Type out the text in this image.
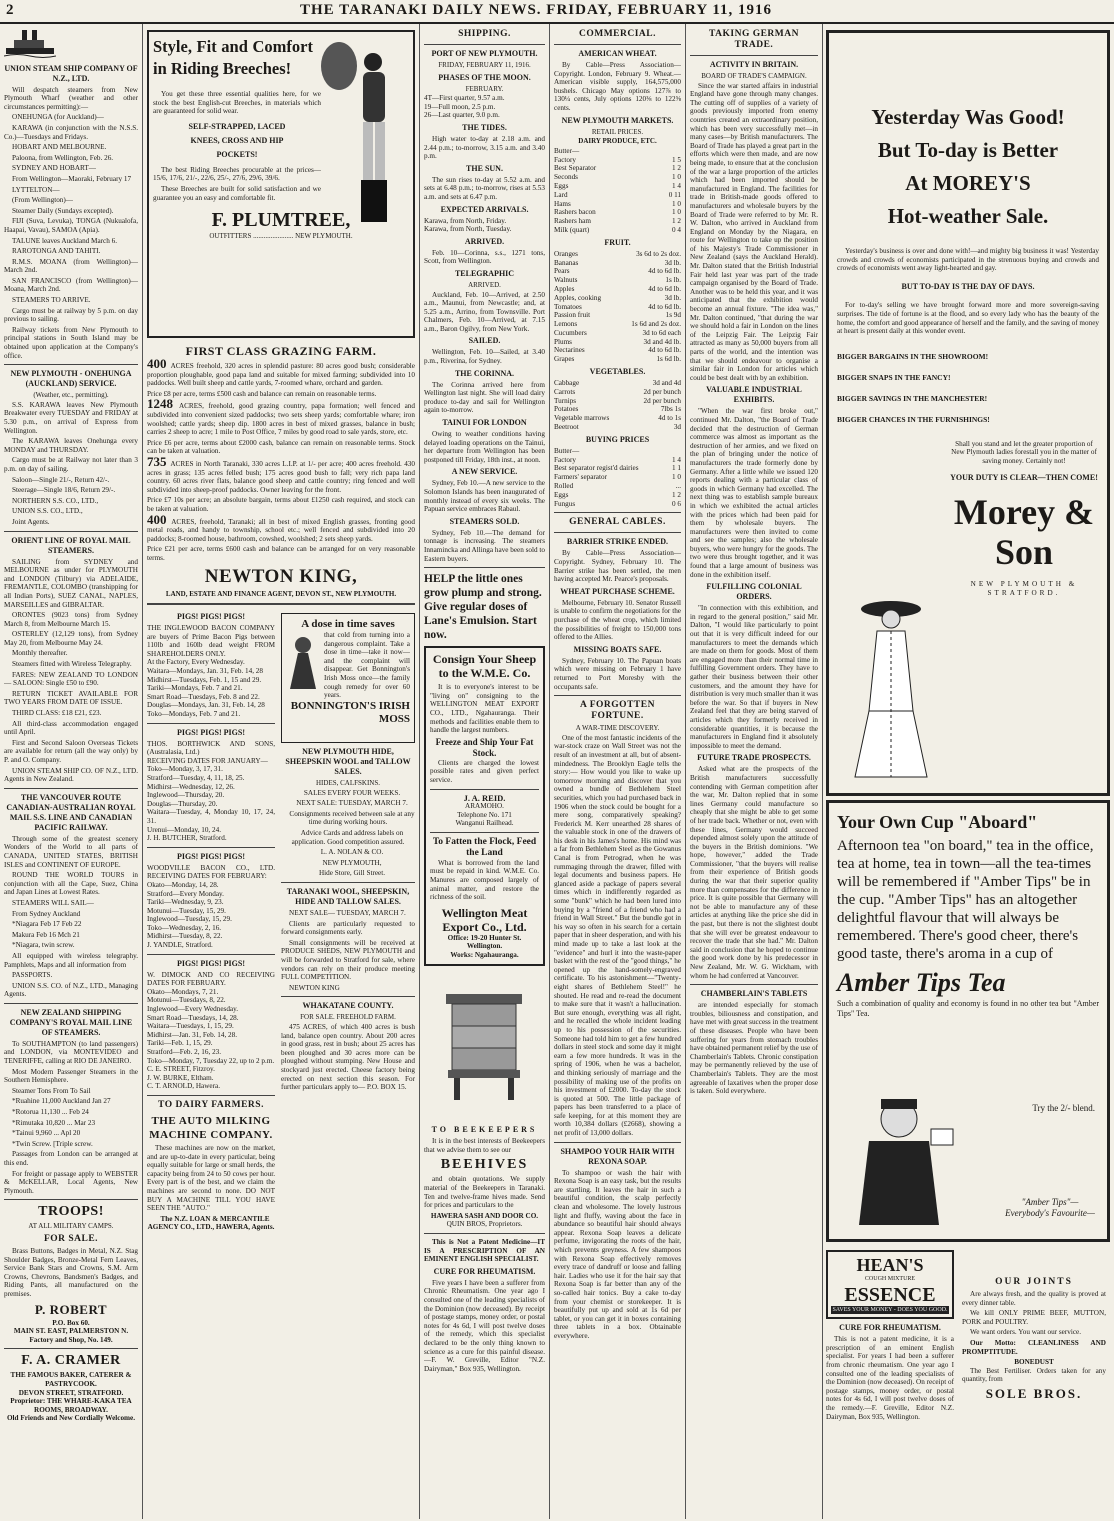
2	THE TARANAKI DAILY NEWS. FRIDAY, FEBRUARY 11, 1916
UNION STEAM SHIP COMPANY OF N.Z., LTD.
Will despatch steamers from New Plymouth Wharf (weather and other circumstances permitting):—
ONEHUNGA (for Auckland)—
KARAWA (in conjunction with the N.S.S. Co.)—Tuesdays and Fridays.
HOBART AND MELBOURNE.
Paloona, from Wellington, Feb. 26.
SYDNEY AND HOBART—
From Wellington—Maoraki, February 17
LYTTELTON—
(From Wellington)—
Steamer Daily (Sundays excepted).
FIJI (Suva, Levuka), TONGA (Nukualofa, Haapai, Vavau), SAMOA (Apia).
TALUNE leaves Auckland March 6.
RAROTONGA AND TAHITI.
R.M.S. MOANA (from Wellington)—March 2nd.
SAN FRANCISCO (from Wellington)—Moana, March 2nd.
STEAMERS TO ARRIVE.
Cargo must be at railway by 5 p.m. on day previous to sailing.
Railway tickets from New Plymouth to principal stations in South Island may be obtained upon application at the Company's office.
NEW PLYMOUTH - ONEHUNGA (AUCKLAND) SERVICE.
(Weather, etc., permitting).
S.S. KARAWA leaves New Plymouth Breakwater every TUESDAY and FRIDAY at 5.30 p.m., on arrival of Express from Wellington.
The KARAWA leaves Onehunga every MONDAY and THURSDAY.
Cargo must be at Railway not later than 3 p.m. on day of sailing.
Saloon—Single 21/-, Return 42/-.
Steerage—Single 18/6, Return 29/-.
NORTHERN S.S. CO., LTD.,
UNION S.S. CO., LTD.,
Joint Agents.
ORIENT LINE OF ROYAL MAIL STEAMERS.
SAILING from SYDNEY and MELBOURNE as under for PLYMOUTH and LONDON (Tilbury) via ADELAIDE, FREMANTLE, COLOMBO (transhipping for all Indian Ports), SUEZ CANAL, NAPLES, MARSEILLES and GIBRALTAR.
ORONTES (9023 tons) from Sydney March 8, from Melbourne March 15.
OSTERLEY (12,129 tons), from Sydney May 20, from Melbourne May 24.
Monthly thereafter.
Steamers fitted with Wireless Telegraphy.
FARES: NEW ZEALAND TO LONDON — SALOON: Single £50 to £90.
RETURN TICKET AVAILABLE FOR TWO YEARS FROM DATE OF ISSUE.
THIRD CLASS: £18 £21, £23.
All third-class accommodation engaged until April.
First and Second Saloon Overseas Tickets are available for return (all the way only) by P. and O. Company.
UNION STEAM SHIP CO. OF N.Z., LTD. Agents in New Zealand.
THE VANCOUVER ROUTE CANADIAN-AUSTRALIAN ROYAL MAIL S.S. LINE AND CANADIAN PACIFIC RAILWAY.
Through some of the greatest scenery Wonders of the World to all parts of CANADA, UNITED STATES, BRITISH ISLES and CONTINENT OF EUROPE.
ROUND THE WORLD TOURS in conjunction with all the Cape, Suez, China and Japan Lines at Lowest Rates.
STEAMERS WILL SAIL—
From Sydney Auckland
*Niagara Feb 17 Feb 22
Makura Feb 16 Mch 21
*Niagara, twin screw.
All equipped with wireless telegraphy. Pamphlets, Maps and all information from
PASSPORTS.
UNION S.S. CO. of N.Z., LTD., Managing Agents.
NEW ZEALAND SHIPPING COMPANY'S ROYAL MAIL LINE OF STEAMERS.
To SOUTHAMPTON (to land passengers) and LONDON, via MONTEVIDEO and TENERIFFE, calling at RIO DE JANEIRO.
Most Modern Passenger Steamers in the Southern Hemisphere.
Steamer Tons From To Sail
*Ruahine 11,000 Auckland Jan 27
*Rotorua 11,130 ... Feb 24
*Rimutaka 10,820 ... Mar 23
*Tainui 9,960 ... Apl 20
*Twin Screw. [Triple screw.
Passages from London can be arranged at this end.
For freight or passage apply to WEBSTER & McKELLAR, Local Agents, New Plymouth.
TROOPS!
AT ALL MILITARY CAMPS.
FOR SALE.
Brass Buttons, Badges in Metal, N.Z. Stag Shoulder Badges, Bronze-Metal Fern Leaves, Service Bank Stars and Crowns, S.M. Arm Crowns, Chevrons, Bandsmen's Badges, and Riding Pants, all manufactured on the premises.
P. ROBERT
P.O. Box 60.
MAIN ST. EAST, PALMERSTON N.
Factory and Shop, No. 149.
F. A. CRAMER
THE FAMOUS BAKER, CATERER & PASTRYCOOK.
DEVON STREET, STRATFORD.
Proprietor: THE WHARE-KAKA TEA ROOMS, BROADWAY.
Old Friends and New Cordially Welcome.
Style, Fit and Comfort in Riding Breeches!
You get these three essential qualities here, for we stock the best English-cut Breeches, in materials which are guaranteed for solid wear.
SELF-STRAPPED, LACED
KNEES, CROSS AND HIP
POCKETS!
The best Riding Breeches procurable at the prices—15/6, 17/6, 21/-, 22/6, 25/-, 27/6, 29/6, 39/6.
These Breeches are built for solid satisfaction and we guarantee you an easy and comfortable fit.
F. PLUMTREE,
OUTFITTERS ....................... NEW PLYMOUTH.
FIRST CLASS GRAZING FARM.
400 ACRES freehold, 320 acres in splendid pasture: 80 acres good bush; considerable proportion ploughable, good papa land and suitable for mixed farming; subdivided into 10 paddocks. Well built sheep and cattle yards, 7-roomed whare, orchard and garden.
Price £8 per acre, terms £500 cash and balance can remain on reasonable terms.
1248 ACRES, freehold, good grazing country, papa formation; well fenced and subdivided into convenient sized paddocks; two sets sheep yards; comfortable whare; iron woolshed; cattle yards; sheep dip. 1800 acres in best of mixed grasses, balance in bush; carries 2 sheep to acre; 1 mile to Post Office, 7 miles by good road to sale yards, store, etc.
Price £6 per acre, terms about £2000 cash, balance can remain on reasonable terms. Stock can be taken at valuation.
735 ACRES in North Taranaki, 330 acres L.I.P. at 1/- per acre; 400 acres freehold. 430 acres in grass; 135 acres felled bush; 175 acres good bush to fall; very rich papa land country. 60 acres river flats, balance good sheep and cattle country; ring fenced and well subdivided into sheep-proof paddocks. Owner leaving for the front.
Price £7 10s per acre; an absolute bargain, terms about £1250 cash required, and stock can be taken at valuation.
400 ACRES, freehold, Taranaki; all in best of mixed English grasses, fronting good metal roads, and handy to township, school etc.; well fenced and subdivided into 20 paddocks; 8-roomed house, bathroom, cowshed, woolshed; 2 sets sheep yards.
Price £21 per acre, terms £600 cash and balance can be arranged for on very reasonable terms.
NEWTON KING,
LAND, ESTATE AND FINANCE AGENT, DEVON ST., NEW PLYMOUTH.
PIGS! PIGS! PIGS!
THE INGLEWOOD BACON COMPANY are buyers of Prime Bacon Pigs between 110lb and 160lb dead weight FROM SHAREHOLDERS ONLY.
At the Factory, Every Wednesday.
Waitara—Mondays, Jan. 31, Feb. 14, 28
Midhirst—Tuesdays, Feb. 1, 15 and 29.
Tariki—Mondays, Feb. 7 and 21.
Smart Road—Tuesdays, Feb. 8 and 22.
Douglas—Mondays, Jan. 31, Feb. 14, 28
Toko—Mondays, Feb. 7 and 21.
PIGS! PIGS! PIGS!
THOS. BORTHWICK AND SONS, (Australasia, Ltd.)
RECEIVING DATES FOR JANUARY—
Toko—Monday, 3, 17, 31.
Stratford—Tuesday, 4, 11, 18, 25.
Midhirst—Wednesday, 12, 26.
Inglewood—Thursday, 20.
Douglas—Thursday, 20.
Waitara—Tuesday, 4, Monday 10, 17, 24, 31.
Urenui—Monday, 10, 24.
J. H. BUTCHER, Stratford.
PIGS! PIGS! PIGS!
WOODVILLE BACON CO., LTD. RECEIVING DATES FOR FEBRUARY:
Okato—Monday, 14, 28.
Stratford—Every Monday.
Tariki—Wednesday, 9, 23.
Motunui—Tuesday, 15, 29.
Inglewood—Tuesday, 15, 29.
Toko—Wednesday, 2, 16.
Midhirst—Tuesday, 8, 22.
J. YANDLE, Stratford.
PIGS! PIGS! PIGS!
W. DIMOCK AND CO RECEIVING DATES FOR FEBRUARY.
Okato—Mondays, 7, 21.
Motunui—Tuesdays, 8, 22.
Inglewood—Every Wednesday.
Smart Road—Tuesdays, 14, 28.
Waitara—Tuesdays, 1, 15, 29.
Midhirst—Jan. 31, Feb. 14, 28.
Tariki—Feb. 1, 15, 29.
Stratford—Feb. 2, 16, 23.
Toko—Monday, 7, Tuesday 22, up to 2 p.m.
C. E. STREET, Fitzroy.
J. W. BURKE, Eltham.
C. T. ARNOLD, Hawera.
TO DAIRY FARMERS.
THE AUTO MILKING MACHINE COMPANY.
These machines are now on the market, and are up-to-date in every particular, being equally suitable for large or small herds, the capacity being from 24 to 50 cows per hour. Every part is of the best, and we claim the machines are second to none. DO NOT BUY A MACHINE TILL YOU HAVE SEEN THE "AUTO."
The N.Z. LOAN & MERCANTILE AGENCY CO., LTD., HAWERA, Agents.
A dose in time saves
that cold from turning into a dangerous complaint. Take a dose in time—take it now—and the complaint will disappear. Get Bonnington's Irish Moss once—the family cough remedy for over 60 years.
BONNINGTON'S IRISH MOSS
NEW PLYMOUTH HIDE, SHEEPSKIN WOOL and TALLOW SALES.
HIDES, CALFSKINS.
SALES EVERY FOUR WEEKS.
NEXT SALE: TUESDAY, MARCH 7.
Consignments received between sale at any time during working hours.
Advice Cards and address labels on application. Good competition assured.
L. A. NOLAN & CO.
NEW PLYMOUTH,
Hide Store, Gill Street.
TARANAKI WOOL, SHEEPSKIN, HIDE AND TALLOW SALES.
NEXT SALE— TUESDAY, MARCH 7.
Clients are particularly requested to forward consignments early.
Small consignments will be received at PRODUCE SHEDS, NEW PLYMOUTH and will be forwarded to Stratford for sale, where vendors can rely on their produce meeting FULL COMPETITION.
NEWTON KING
WHAKATANE COUNTY.
FOR SALE. FREEHOLD FARM.
475 ACRES, of which 400 acres is bush land, balance open country. About 200 acres in good grass, rest in bush; about 25 acres has been ploughed and 30 acres more can be ploughed without stumping. New House and stockyard just erected. Cheese factory being erected on next section this season. For further particulars apply to— P.O. BOX 15.
SHIPPING.
PORT OF NEW PLYMOUTH.
FRIDAY, FEBRUARY 11, 1916.
PHASES OF THE MOON.
FEBRUARY.
4T—First quarter, 9.57 a.m.
19—Full moon, 2.5 p.m.
26—Last quarter, 9.0 p.m.
THE TIDES.
High water to-day at 2.18 a.m. and 2.44 p.m.; to-morrow, 3.15 a.m. and 3.40 p.m.
THE SUN.
The sun rises to-day at 5.52 a.m. and sets at 6.48 p.m.; to-morrow, rises at 5.53 a.m. and sets at 6.47 p.m.
EXPECTED ARRIVALS.
Karawa, from North, Friday.
Karawa, from North, Tuesday.
ARRIVED.
Feb. 10—Corinna, s.s., 1271 tons, Scott, from Wellington.
TELEGRAPHIC
ARRIVED.
Auckland, Feb. 10—Arrived, at 2.50 a.m., Maunui, from Newcastle; and, at 5.25 a.m., Arrino, from Townsville. Port Chalmers, Feb. 10—Arrived, at 7.15 a.m., Baron Ogilvy, from New York.
SAILED.
Wellington, Feb. 10—Sailed, at 3.40 p.m., Riverina, for Sydney.
THE CORINNA.
The Corinna arrived here from Wellington last night. She will load dairy produce to-day and sail for Wellington again to-morrow.
TAINUI FOR LONDON
Owing to weather conditions having delayed loading operations on the Tainui, her departure from Wellington has been postponed till Friday, 18th inst., at noon.
A NEW SERVICE.
Sydney, Feb 10.—A new service to the Solomon Islands has been inaugurated of monthly instead of every six weeks. The Papuan service embraces Rabaul.
STEAMERS SOLD.
Sydney, Feb 10.—The demand for tonnage is increasing. The steamers Innamincka and Allinga have been sold to Eastern buyers.
HELP the little ones grow plump and strong. Give regular doses of Lane's Emulsion. Start now.
Consign Your Sheep to the W.M.E. Co.
It is to everyone's interest to be "living on" consigning to the WELLINGTON MEAT EXPORT CO., LTD., Ngahauranga. Their methods and facilities enable them to handle the largest numbers.
Freeze and Ship Your Fat Stock.
Clients are charged the lowest possible rates and given perfect service.
J. A. REID.
ARAMOHO.
Telephone No. 171
Wanganui Railhead.
To Fatten the Flock, Feed the Land
What is borrowed from the land must be repaid in kind. W.M.E. Co. Manures are composed largely of animal matter, and restore the richness of the soil.
Wellington Meat Export Co., Ltd.
Office: 19-20 Hunter St. Wellington.
Works: Ngahauranga.
TO BEEKEEPERS
It is in the best interests of Beekeepers that we advise them to see our
BEEHIVES
and obtain quotations. We supply material of the Beekeepers in Taranaki. Ten and twelve-frame hives made. Send for prices and particulars to the
HAWERA SASH AND DOOR CO.
QUIN BROS, Proprietors.
This is Not a Patent Medicine—IT IS A PRESCRIPTION OF AN EMINENT ENGLISH SPECIALIST.
CURE FOR RHEUMATISM.
Five years I have been a sufferer from Chronic Rheumatism. One year ago I consulted one of the leading specialists of the Dominion (now deceased). By receipt of postage stamps, money order, or postal notes for 4s 6d, I will post twelve doses of the remedy, which this specialist declared to be the only thing known to science as a cure for this painful disease.—F. W. Greville, Editor "N.Z. Dairyman," Box 935, Wellington.
COMMERCIAL.
AMERICAN WHEAT.
By Cable—Press Association—Copyright. London, February 9. Wheat.—American visible supply, 164,575,000 bushels. Chicago May options 127⅞ to 130¼ cents, July options 120⅜ to 122⅝ cents.
NEW PLYMOUTH MARKETS.
RETAIL PRICES.
DAIRY PRODUCE, ETC.
Butter—
Factory	1 5
Best Separator	1 2
Seconds	1 0
Eggs	1 4
Lard	0 11
Hams	1 0
Rashers bacon	1 0
Rashers ham	1 2
Milk (quart)	0 4
FRUIT.
Oranges	3s 6d to 2s doz.
Bananas	3d lb.
Pears	4d to 6d lb.
Walnuts	1s lb.
Apples	4d to 6d lb.
Apples, cooking	3d lb.
Tomatoes	4d to 6d lb.
Passion fruit	1s 9d
Lemons	1s 6d and 2s doz.
Cucumbers	3d to 6d each
Plums	3d and 4d lb.
Nectarines	4d to 6d lb.
Grapes	1s 6d lb.
VEGETABLES.
Cabbage	3d and 4d
Carrots	2d per bunch
Turnips	2d per bunch
Potatoes	7lbs 1s
Vegetable marrows	4d to 1s
Beetroot	3d
BUYING PRICES
Butter—
Factory	1 4
Best separator regist'd dairies	1 1
Farmers' separator	1 0
Rolled	...
Eggs	1 2
Fungus	0 6
GENERAL CABLES.
BARRIER STRIKE ENDED.
By Cable—Press Association—Copyright. Sydney, February 10. The Barrier strike has been settled, the men having accepted Mr. Pearce's proposals.
WHEAT PURCHASE SCHEME.
Melbourne, February 10. Senator Russell is unable to confirm the negotiations for the purchase of the wheat crop, which limited the possibilities of freight to 150,000 tons offered to the Allies.
MISSING BOATS SAFE.
Sydney, February 10. The Papuan boats which were missing on February 1 have returned to Port Moresby with the occupants safe.
A FORGOTTEN FORTUNE.
A WAR-TIME DISCOVERY.
One of the most fantastic incidents of the war-stock craze on Wall Street was not the result of an investment at all, but of absent-mindedness. The Brooklyn Eagle tells the story:— How would you like to wake up tomorrow morning and discover that you owned a bundle of Bethlehem Steel securities, which you had purchased back in 1906 when the stock could be bought for a mere song, comparatively speaking? Frederick M. Kerr unearthed 28 shares of the valuable stock in one of the drawers of his desk in his James's home. His mind was a far from Bethlehem Steel as the Gowanus Canal is from Petrograd, when he was rummaging through the drawer, filled with legal documents and business papers. He glanced aside a package of papers several times which in indifferently regarded as some "bunk" which he had been lured into buying by a "friend of a friend who had a friend in Wall Street." But the bundle got in his way so often in his search for a certain paper that in sheer desperation, and with his mind made up to take a last look at the "evidence" and hurl it into the waste-paper basket with the rest of the "good things," he opened up the hand-somely-engraved certificate. To his astonishment—"Twenty-eight shares of Bethlehem Steel!" he shouted. He read and re-read the document to make sure that it wasn't a hallucination. But sure enough, everything was all right, and he recalled the whole incident leading up to his possession of the securities. Someone had told him to get a few hundred dollars in steel stock and some day it might earn a few more hundreds. It was in the spring of 1906, when he was a bachelor, and thinking seriously of marriage and the possibility of making use of the profits on his investment of £2000. To-day the stock is quoted at 500. The little package of papers has been transferred to a place of safe keeping, for at this moment they are worth 10,384 dollars (£2668), showing a net profit of 13,000 dollars.
SHAMPOO YOUR HAIR WITH REXONA SOAP.
To shampoo or wash the hair with Rexona Soap is an easy task, but the results are startling. It leaves the hair in such a beautiful condition, the scalp perfectly clean and wholesome. The lovely lustrous light and fluffy, waving about the face in abundance so beautiful hair should always appear. Rexona Soap leaves a delicate perfume, invigorating the roots of the hair, which prevents greyness. A few shampoos with Rexona Soap effectively removes every trace of dandruff or loose and falling hair. Ladies who use it for the hair say that Rexona Soap is far better than any of the so-called hair tonics. Buy a cake to-day from your chemist or storekeeper. It is beautifully put up and sold at 1s 6d per tablet, or you can get it in boxes containing three tablets in a box. Obtainable everywhere.
TAKING GERMAN TRADE.
ACTIVITY IN BRITAIN.
BOARD OF TRADE'S CAMPAIGN.
Since the war started affairs in industrial England have gone through many changes. The cutting off of supplies of a variety of goods previously imported from enemy countries created an extraordinary position, which has been very successfully met—in many cases—by British manufacturers. The Board of Trade has played a great part in the efforts which were then made, and are now being made, to ensure that at the conclusion of the war a large proportion of the articles which had been imported should be manufactured in England. The facilities for trade in British-made goods offered to manufacturers and wholesale buyers by the Board of Trade were referred to by Mr. R. W. Dalton, who arrived in Auckland from England on Monday by the Niagara, en route for Wellington to take up the position of his Majesty's Trade Commissioner in New Zealand (says the Auckland Herald). Mr. Dalton stated that the British Industrial Fair held last year was part of the trade campaign organised by the Board of Trade. Another was to be held this year, and it was anticipated that the exhibition would become an annual fixture. "The idea was," Mr. Dalton continued, "that during the war we should hold a fair in London on the lines of the Leipzig Fair. The Leipzig Fair attracted as many as 50,000 buyers from all parts of the world, and the intention was that we should endeavour to organise a similar fair in London for articles which could be best dealt with by an exhibition.
VALUABLE INDUSTRIAL EXHIBITS.
"When the war first broke out," continued Mr. Dalton, "the Board of Trade decided that the destruction of German commerce was almost as important as the destruction of her armies, and we fixed on the plan of bringing under the notice of manufacturers the trade formerly done by Germany. After a little while we issued 120 reports dealing with a particular class of goods in which Germany had excelled. The next thing was to establish sample bureaux in which we exhibited the actual articles with the prices which had been paid for them by wholesale buyers. The manufacturers were then invited to come and see the samples; also the wholesale buyers, who were hungry for the goods. The two were thus brought together, and it was found that a large amount of business was done in the exhibition itself.
FULFILLING COLONIAL ORDERS.
"In connection with this exhibition, and in regard to the general position," said Mr. Dalton, "I would like particularly to point out that it is very difficult indeed for our manufacturers to meet the demands which are made on them for goods. Most of them are engaged more than their normal time in fulfilling Government orders. They have to gather their business between their other customers, and the amount they have for distribution is very much smaller than it was before the war. So that if buyers in New Zealand feel that they are being starved of articles which they formerly received in considerable quantities, it is because the manufacturers in England find it absolutely impossible to meet the demand.
FUTURE TRADE PROSPECTS.
Asked what are the prospects of the British manufacturers successfully contending with German competition after the war, Mr. Dalton replied that in some lines Germany could manufacture so cheaply that she might be able to get some of her trade back. Whether or not, even with these lines, Germany would succeed depended almost solely upon the attitude of the buyers in the British dominions. "We hope, however," added the Trade Commissioner, "that the buyers will realise from their experience of British goods during the war that their superior quality more than compensates for the difference in price. It is quite possible that Germany will not be able to manufacture any of these articles at anything like the price she did in the past, but there is not the slightest doubt that she will ever be greatest endeavour to recover the trade that she had." Mr. Dalton said in conclusion that he hoped to continue the good work done by his predecessor in New Zealand, Mr. W. G. Wickham, with whom he had conferred at Vancouver.
CHAMBERLAIN'S TABLETS
are intended especially for stomach troubles, biliousness and constipation, and have met with great success in the treatment of these diseases. People who have been suffering for years from stomach troubles have obtained permanent relief by the use of Chamberlain's Tablets. Chronic constipation may be permanently relieved by the use of Chamberlain's Tablets. They are the most agreeable of laxatives when the proper dose is taken. Sold everywhere.
Yesterday Was Good!
But To-day is Better
At MOREY'S
Hot-weather Sale.
Yesterday's business is over and done with!—and mighty big business it was! Yesterday crowds and crowds of economists participated in the strenuous buying and crowds and crowds of economists went away light-hearted and gay.
BUT TO-DAY IS THE DAY OF DAYS.
For to-day's selling we have brought forward more and more sovereign-saving surprises. The tide of fortune is at the flood, and so every lady who has the beauty of the home, the comfort and good appearance of herself and the family, and the saving of money at heart is present daily at this wonder event.
BIGGER BARGAINS IN THE SHOWROOM!
BIGGER SNAPS IN THE FANCY!
BIGGER SAVINGS IN THE MANCHESTER!
BIGGER CHANCES IN THE FURNISHINGS!
Shall you stand and let the greater proportion of New Plymouth ladies forestall you in the matter of saving money. Certainly not!
YOUR DUTY IS CLEAR—THEN COME!
Morey & Son
NEW PLYMOUTH & STRATFORD.
Your Own Cup "Aboard"
Afternoon tea "on board," tea in the office, tea at home, tea in town—all the tea-times will be remembered if "Amber Tips" be in the cup. "Amber Tips" has an altogether delightful flavour that will always be remembered. There's good cheer, there's good taste, there's aroma in a cup of
Amber Tips Tea
Such a combination of quality and economy is found in no other tea but "Amber Tips" Tea.
Try the 2/- blend.
"Amber Tips"— Everybody's Favourite—
HEAN'S
COUGH MIXTURE
ESSENCE
SAVES YOUR MONEY - DOES YOU GOOD.
CURE FOR RHEUMATISM.
This is not a patent medicine, it is a prescription of an eminent English specialist. For years I had been a sufferer from chronic rheumatism. One year ago I consulted one of the leading specialists of the Dominion (now deceased). On receipt of postage stamps, money order, or postal notes for 4s 6d, I will post twelve doses of the remedy.—F. Greville, Editor N.Z. Dairyman, Box 935, Wellington.
OUR JOINTS
Are always fresh, and the quality is proved at every dinner table.
We kill ONLY PRIME BEEF, MUTTON, PORK and POULTRY.
We want orders. You want our service.
Our Motto: CLEANLINESS AND PROMPTITUDE.
BONEDUST
The Best Fertiliser. Orders taken for any quantity, from
SOLE BROS.
